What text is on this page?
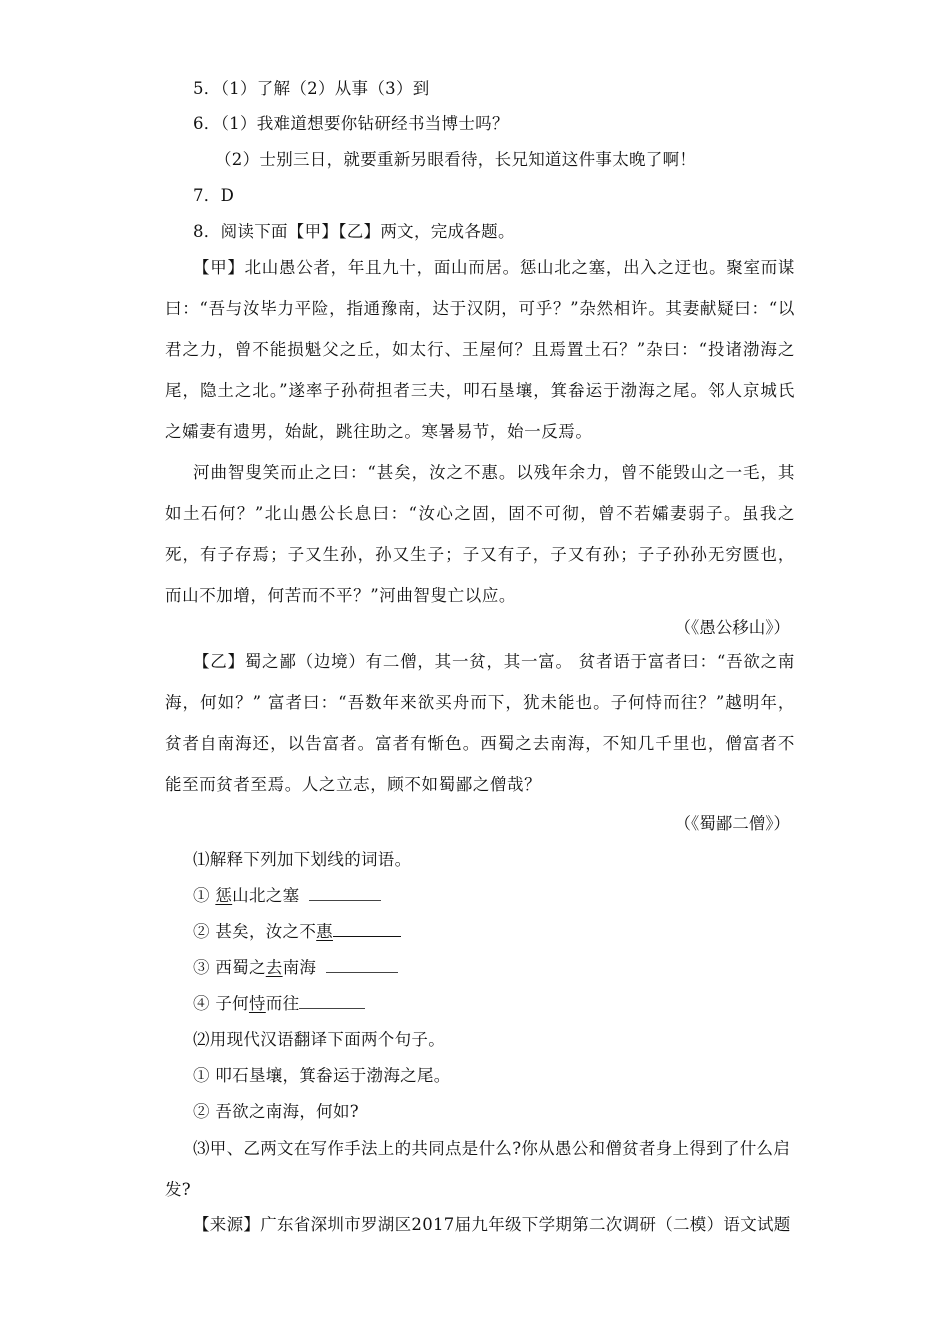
5．（1）了解（2）从事（3）到
6．（1）我难道想要你钻研经书当博士吗？
（2）士别三日，就要重新另眼看待，长兄知道这件事太晚了啊！
7．D
8．阅读下面【甲】【乙】两文，完成各题。

【甲】北山愚公者，年且九十，面山而居。惩山北之塞，出入之迂也。聚室而谋曰：“吾与汝毕力平险，指通豫南，达于汉阴，可乎？”杂然相许。其妻献疑曰：“以君之力，曾不能损魁父之丘，如太行、王屋何？且焉置土石？”杂曰：“投诸渤海之尾，隐土之北。”遂率子孙荷担者三夫，叩石垦壤，箕畚运于渤海之尾。邻人京城氏之孀妻有遗男，始龀，跳往助之。寒暑易节，始一反焉。

河曲智叟笑而止之曰：“甚矣，汝之不惠。以残年余力，曾不能毁山之一毛，其如土石何？”北山愚公长息曰：“汝心之固，固不可彻，曾不若孀妻弱子。虽我之死，有子存焉；子又生孙，孙又生子；子又有子，子又有孙；子子孙孙无穷匮也，而山不加增，何苦而不平？”河曲智叟亡以应。

（《愚公移山》）

【乙】蜀之鄙（边境）有二僧，其一贫，其一富。 贫者语于富者曰：“吾欲之南海，何如？” 富者曰：“吾数年来欲买舟而下，犹未能也。子何恃而往？”越明年，贫者自南海还，以告富者。富者有惭色。西蜀之去南海，不知几千里也，僧富者不能至而贫者至焉。人之立志，顾不如蜀鄙之僧哉？

（《蜀鄙二僧》）
⑴解释下列加下划线的词语。
① 惩山北之塞
② 甚矣，汝之不惠
③ 西蜀之去南海
④ 子何恃而往
⑵用现代汉语翻译下面两个句子。
① 叩石垦壤，箕畚运于渤海之尾。
② 吾欲之南海，何如?

⑶甲、乙两文在写作手法上的共同点是什么?你从愚公和僧贫者身上得到了什么启发?

【来源】广东省深圳市罗湖区2017届九年级下学期第二次调研（二模）语文试题
